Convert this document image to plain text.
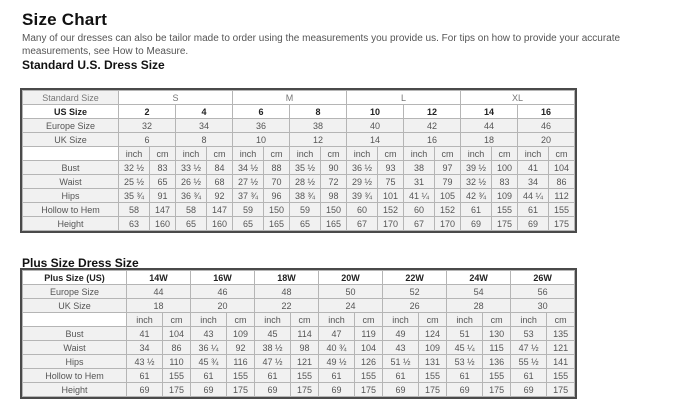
Size Chart
Many of our dresses can also be tailor made to order using the measurements you provide us. For tips on how to provide your accurate measurements, see How to Measure.
Standard U.S. Dress Size
Standard Size	S				M				L				XL			
US Size	2		4		6		8		10		12		14		16	
Europe Size	32		34		36		38		40		42		44		46	
UK Size	6		8		10		12		14		16		18		20	
	inch	cm	inch	cm	inch	cm	inch	cm	inch	cm	inch	cm	inch	cm	inch	cm
Bust	32 ½	83	33 ½	84	34 ½	88	35 ½	90	36 ½	93	38	97	39 ½	100	41	104
Waist	25 ½	65	26 ½	68	27 ½	70	28 ½	72	29 ½	75	31	79	32 ½	83	34	86
Hips	35 ¾	91	36 ¾	92	37 ¾	96	38 ¾	98	39 ¾	101	41 ¼	105	42 ¾	109	44 ¼	112
Hollow to Hem	58	147	58	147	59	150	59	150	60	152	60	152	61	155	61	155
Height	63	160	65	160	65	165	65	165	67	170	67	170	69	175	69	175
Plus Size Dress Size
Plus Size (US)	14W		16W		18W		20W		22W		24W		26W	
Europe Size	44		46		48		50		52		54		56	
UK Size	18		20		22		24		26		28		30	
	inch	cm	inch	cm	inch	cm	inch	cm	inch	cm	inch	cm	inch	cm
Bust	41	104	43	109	45	114	47	119	49	124	51	130	53	135
Waist	34	86	36 ¼	92	38 ½	98	40 ¾	104	43	109	45 ¼	115	47 ½	121
Hips	43 ½	110	45 ¾	116	47 ½	121	49 ½	126	51 ½	131	53 ½	136	55 ½	141
Hollow to Hem	61	155	61	155	61	155	61	155	61	155	61	155	61	155
Height	69	175	69	175	69	175	69	175	69	175	69	175	69	175
